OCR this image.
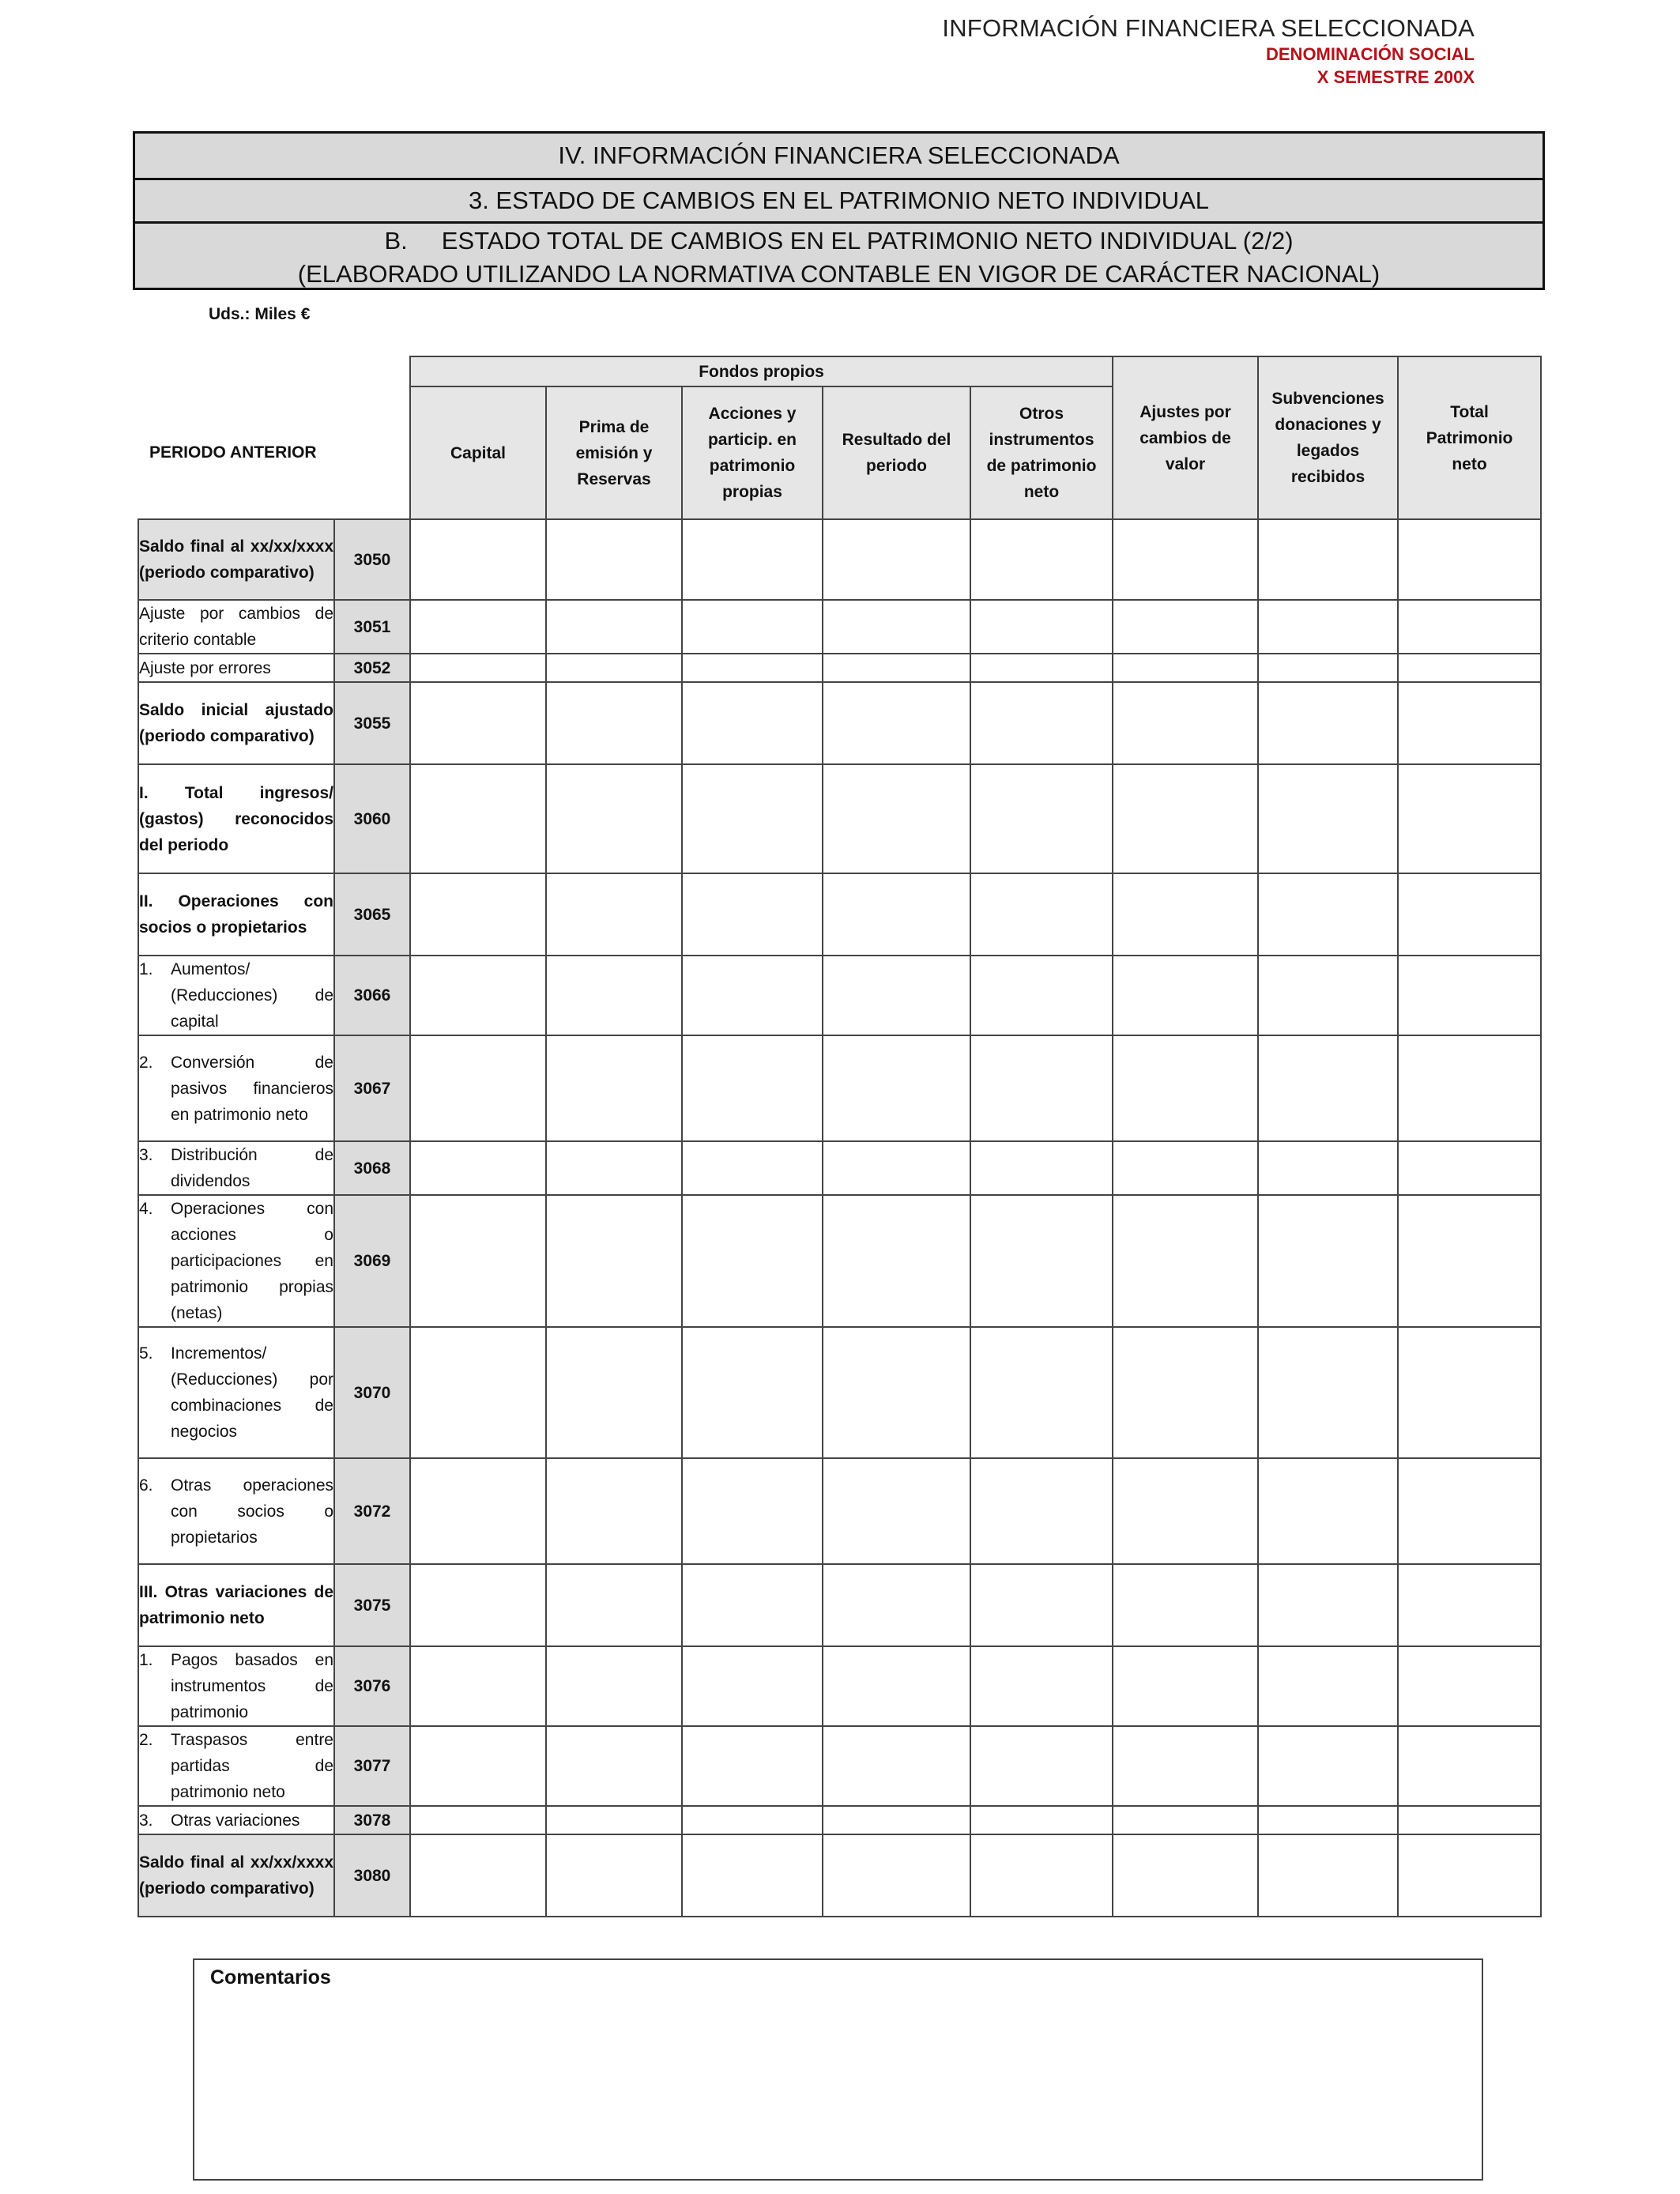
INFORMACIÓN FINANCIERA SELECCIONADA
DENOMINACIÓN SOCIAL
X SEMESTRE 200X
IV. INFORMACIÓN FINANCIERA SELECCIONADA
3. ESTADO DE CAMBIOS EN EL PATRIMONIO NETO INDIVIDUAL
B.     ESTADO TOTAL DE CAMBIOS EN EL PATRIMONIO NETO INDIVIDUAL (2/2)
(ELABORADO UTILIZANDO LA NORMATIVA CONTABLE EN VIGOR DE CARÁCTER NACIONAL)
Uds.: Miles €
		Fondos propios					Ajustes por cambios de valor	Subvenciones donaciones y legados recibidos	Total Patrimonio neto
PERIODO ANTERIOR		Capital	Prima de emisión y Reservas	Acciones y particip. en patrimonio propias	Resultado del periodo	Otros instrumentos de patrimonio neto			
Saldo final al xx/xx/xxxx (periodo comparativo)	3050								
Ajuste por cambios de criterio contable	3051								
Ajuste por errores	3052								
Saldo inicial ajustado (periodo comparativo)	3055								
I. Total ingresos/ (gastos) reconocidos del periodo	3060								
II. Operaciones con socios o propietarios	3065								

1. Aumentos/ (Reducciones) de capital	3066								

2. Conversión de pasivos financieros en patrimonio neto	3067								

3. Distribución de dividendos	3068								

4. Operaciones con acciones o participaciones en patrimonio propias (netas)	3069								

5. Incrementos/ (Reducciones) por combinaciones de negocios	3070								

6. Otras operaciones con socios o propietarios	3072								
III. Otras variaciones de patrimonio neto	3075								

1. Pagos basados en instrumentos de patrimonio	3076								

2. Traspasos entre partidas de patrimonio neto	3077								

3. Otras variaciones	3078								
Saldo final al xx/xx/xxxx (periodo comparativo)	3080								
Comentarios
